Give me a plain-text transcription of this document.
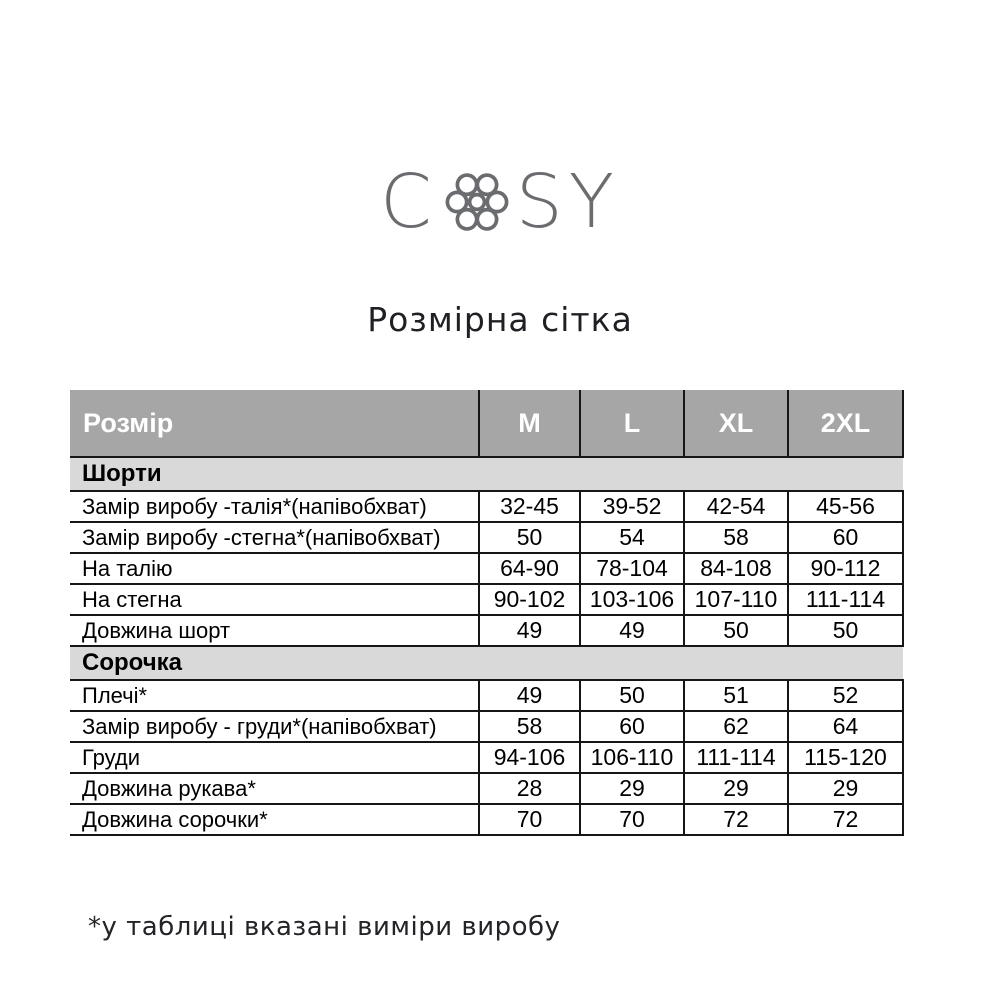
C SY
Розмірна сітка
Розмір	M	L	XL	2XL
Шорти				
Замір виробу -талія*(напівобхват)	32-45	39-52	42-54	45-56
Замір виробу -стегна*(напівобхват)	50	54	58	60
На талію	64-90	78-104	84-108	90-112
На стегна	90-102	103-106	107-110	111-114
Довжина шорт	49	49	50	50
Сорочка				
Плечі*	49	50	51	52
Замір виробу - груди*(напівобхват)	58	60	62	64
Груди	94-106	106-110	111-114	115-120
Довжина рукава*	28	29	29	29
Довжина сорочки*	70	70	72	72
*у таблиці вказані виміри виробу
